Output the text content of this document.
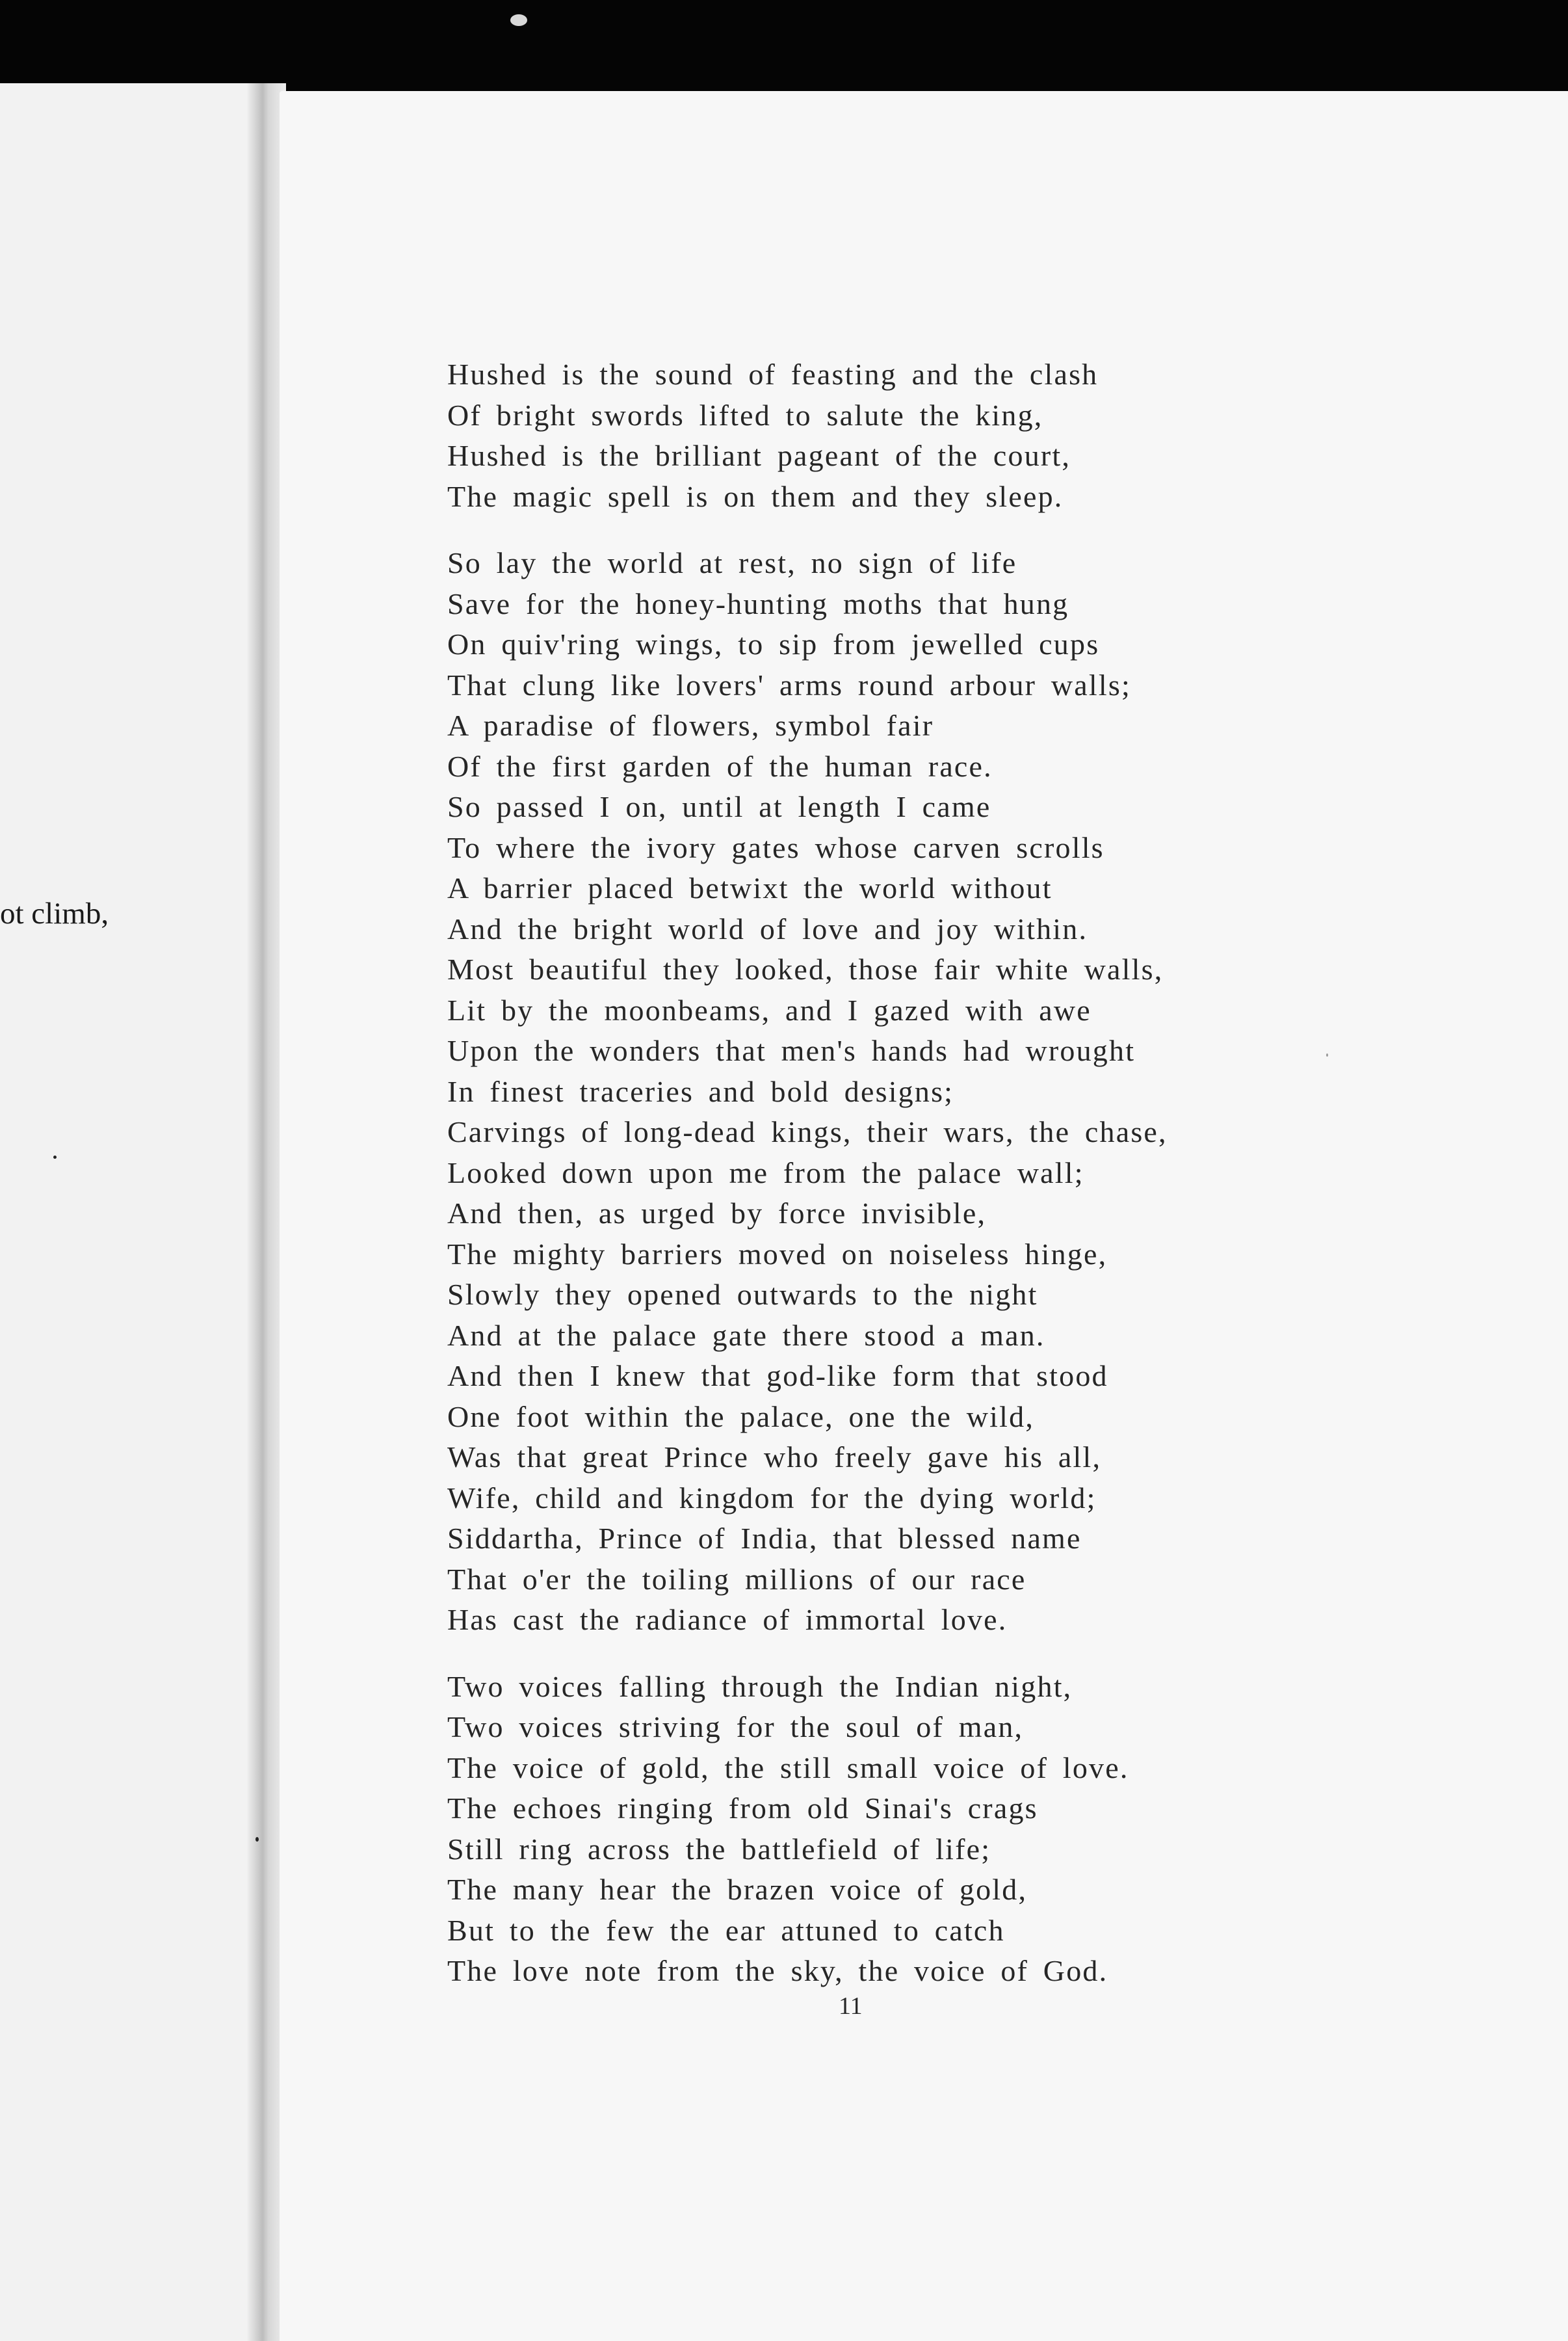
ot climb,
Hushed is the sound of feasting and the clash
Of bright swords lifted to salute the king,
Hushed is the brilliant pageant of the court,
The magic spell is on them and they sleep.
So lay the world at rest, no sign of life
Save for the honey-hunting moths that hung
On quiv'ring wings, to sip from jewelled cups
That clung like lovers' arms round arbour walls;
A paradise of flowers, symbol fair
Of the first garden of the human race.
So passed I on, until at length I came
To where the ivory gates whose carven scrolls
A barrier placed betwixt the world without
And the bright world of love and joy within.
Most beautiful they looked, those fair white walls,
Lit by the moonbeams, and I gazed with awe
Upon the wonders that men's hands had wrought
In finest traceries and bold designs;
Carvings of long-dead kings, their wars, the chase,
Looked down upon me from the palace wall;
And then, as urged by force invisible,
The mighty barriers moved on noiseless hinge,
Slowly they opened outwards to the night
And at the palace gate there stood a man.
And then I knew that god-like form that stood
One foot within the palace, one the wild,
Was that great Prince who freely gave his all,
Wife, child and kingdom for the dying world;
Siddartha, Prince of India, that blessed name
That o'er the toiling millions of our race
Has cast the radiance of immortal love.
Two voices falling through the Indian night,
Two voices striving for the soul of man,
The voice of gold, the still small voice of love.
The echoes ringing from old Sinai's crags
Still ring across the battlefield of life;
The many hear the brazen voice of gold,
But to the few the ear attuned to catch
The love note from the sky, the voice of God.
11
